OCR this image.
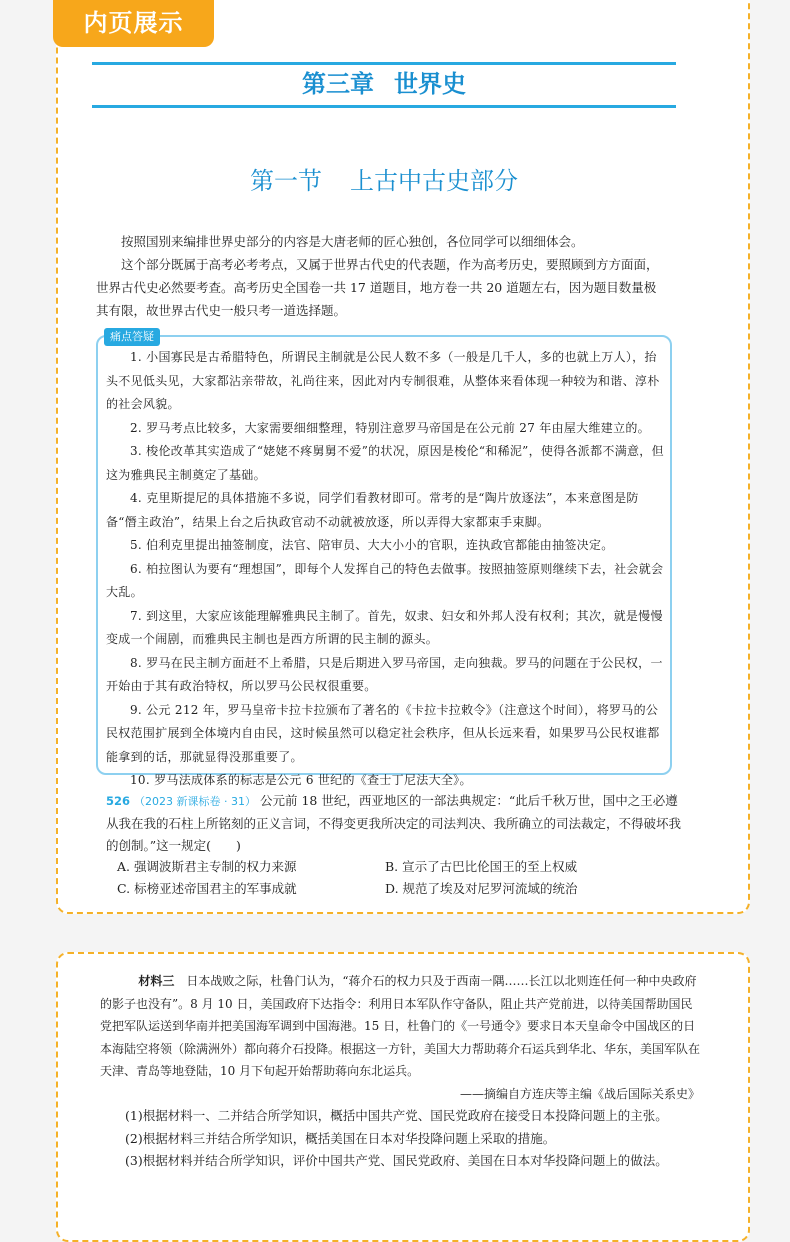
内页展示
第三章 世界史
第一节 上古中古史部分

按照国别来编排世界史部分的内容是大唐老师的匠心独创，各位同学可以细细体会。

这个部分既属于高考必考考点，又属于世界古代史的代表题，作为高考历史，要照顾到方方面面，

世界古代史必然要考查。高考历史全国卷一共 17 道题目，地方卷一共 20 道题左右，因为题目数量极

其有限，故世界古代史一般只考一道选择题。

痛点答疑

1. 小国寡民是古希腊特色，所谓民主制就是公民人数不多（一般是几千人，多的也就上万人），抬头不见低头见，大家都沾亲带故，礼尚往来，因此对内专制很难，从整体来看体现一种较为和谐、淳朴的社会风貌。

2. 罗马考点比较多，大家需要细细整理，特别注意罗马帝国是在公元前 27 年由屋大维建立的。

3. 梭伦改革其实造成了“姥姥不疼舅舅不爱”的状况，原因是梭伦“和稀泥”，使得各派都不满意，但这为雅典民主制奠定了基础。

4. 克里斯提尼的具体措施不多说，同学们看教材即可。常考的是“陶片放逐法”，本来意图是防备“僭主政治”，结果上台之后执政官动不动就被放逐，所以弄得大家都束手束脚。

5. 伯利克里提出抽签制度，法官、陪审员、大大小小的官职，连执政官都能由抽签决定。

6. 柏拉图认为要有“理想国”，即每个人发挥自己的特色去做事。按照抽签原则继续下去，社会就会大乱。

7. 到这里，大家应该能理解雅典民主制了。首先，奴隶、妇女和外邦人没有权利；其次，就是慢慢变成一个闹剧，而雅典民主制也是西方所谓的民主制的源头。

8. 罗马在民主制方面赶不上希腊，只是后期进入罗马帝国，走向独裁。罗马的问题在于公民权，一开始由于其有政治特权，所以罗马公民权很重要。

9. 公元 212 年，罗马皇帝卡拉卡拉颁布了著名的《卡拉卡拉敕令》（注意这个时间），将罗马的公民权范围扩展到全体境内自由民，这时候虽然可以稳定社会秩序，但从长远来看，如果罗马公民权谁都能拿到的话，那就显得没那重要了。

10. 罗马法成体系的标志是公元 6 世纪的《查士丁尼法大全》。

526 （2023 新课标卷 · 31） 公元前 18 世纪，西亚地区的一部法典规定：“此后千秋万世，国中之王必遵从我在我的石柱上所铭刻的正义言词，不得变更我所决定的司法判决、我所确立的司法裁定，不得破坏我的创制。”这一规定(　　)

A. 强调波斯君主专制的权力来源	B. 宣示了古巴比伦国王的至上权威 C. 标榜亚述帝国君主的军事成就	D. 规范了埃及对尼罗河流域的统治

材料三　 日本战败之际，杜鲁门认为，“蒋介石的权力只及于西南一隅……长江以北则连任何一种中央政府的影子也没有”。8 月 10 日，美国政府下达指令：利用日本军队作守备队，阻止共产党前进，以待美国帮助国民党把军队运送到华南并把美国海军调到中国海港。15 日，杜鲁门的《一号通令》要求日本天皇命令中国战区的日本海陆空将领（除满洲外）都向蒋介石投降。根据这一方针，美国大力帮助蒋介石运兵到华北、华东，美国军队在天津、青岛等地登陆，10 月下旬起开始帮助蒋向东北运兵。

——摘编自方连庆等主编《战后国际关系史》

(1)根据材料一、二并结合所学知识，概括中国共产党、国民党政府在接受日本投降问题上的主张。

(2)根据材料三并结合所学知识，概括美国在日本对华投降问题上采取的措施。

(3)根据材料并结合所学知识，评价中国共产党、国民党政府、美国在日本对华投降问题上的做法。
